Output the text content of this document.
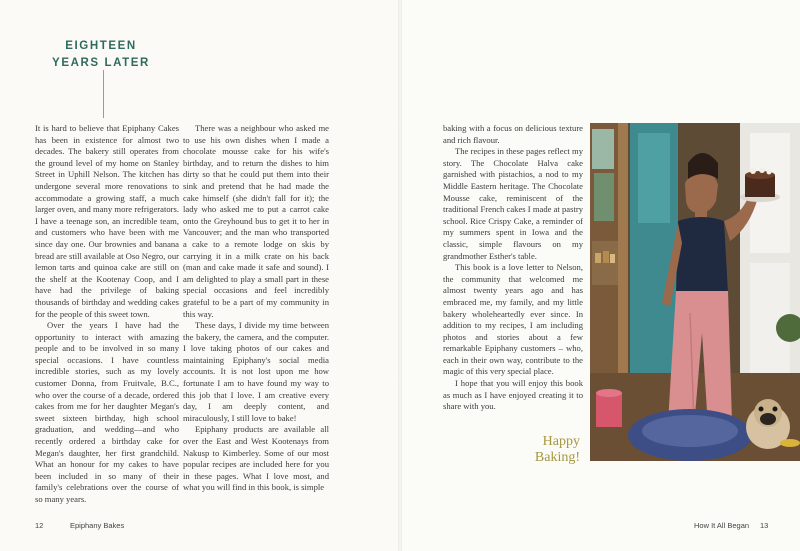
EIGHTEEN
YEARS LATER

It is hard to believe that Epiphany Cakes has been in existence for almost two decades. The bakery still operates from the ground level of my home on Stanley Street in Uphill Nelson. The kitchen has undergone several more renovations to accommodate a growing staff, a much larger oven, and many more refrigerators. I have a teenage son, an incredible team, and customers who have been with me since day one. Our brownies and banana bread are still available at Oso Negro, our lemon tarts and quinoa cake are still on the shelf at the Kootenay Coop, and I have had the privilege of baking thousands of birthday and wedding cakes for the people of this sweet town.

Over the years I have had the opportunity to interact with amazing people and to be involved in so many special occasions. I have countless incredible stories, such as my lovely customer Donna, from Fruitvale, B.C., who over the course of a decade, ordered cakes from me for her daughter Megan's sweet sixteen birthday, high school graduation, and wedding—and who recently ordered a birthday cake for Megan's daughter, her first grandchild. What an honour for my cakes to have been included in so many of their family's celebrations over the course of so many years.

There was a neighbour who asked me to use his own dishes when I made a chocolate mousse cake for his wife's birthday, and to return the dishes to him dirty so that he could put them into their sink and pretend that he had made the cake himself (she didn't fall for it); the lady who asked me to put a carrot cake onto the Greyhound bus to get it to her in Vancouver; and the man who transported a cake to a remote lodge on skis by carrying it in a milk crate on his back (man and cake made it safe and sound). I am delighted to play a small part in these special occasions and feel incredibly grateful to be a part of my community in this way.

These days, I divide my time between the bakery, the camera, and the computer. I love taking photos of our cakes and maintaining Epiphany's social media accounts. It is not lost upon me how fortunate I am to have found my way to this job that I love. I am creative every day, I am deeply content, and miraculously, I still love to bake!

Epiphany products are available all over the East and West Kootenays from Nakusp to Kimberley. Some of our most popular recipes are included here for you in these pages. What I love most, and what you will find in this book, is simple

baking with a focus on delicious texture and rich flavour.

The recipes in these pages reflect my story. The Chocolate Halva cake garnished with pistachios, a nod to my Middle Eastern heritage. The Chocolate Mousse cake, reminiscent of the traditional French cakes I made at pastry school. Rice Crispy Cake, a reminder of my summers spent in Iowa and the classic, simple flavours on my grandmother Esther's table.

This book is a love letter to Nelson, the community that welcomed me almost twenty years ago and has embraced me, my family, and my little bakery wholeheartedly ever since. In addition to my recipes, I am including photos and stories about a few remarkable Epiphany customers – who, each in their own way, contribute to the magic of this very special place.

I hope that you will enjoy this book as much as I have enjoyed creating it to share with you.

Happy
Baking!
12	Epiphany Bakes	How It All Began 13
